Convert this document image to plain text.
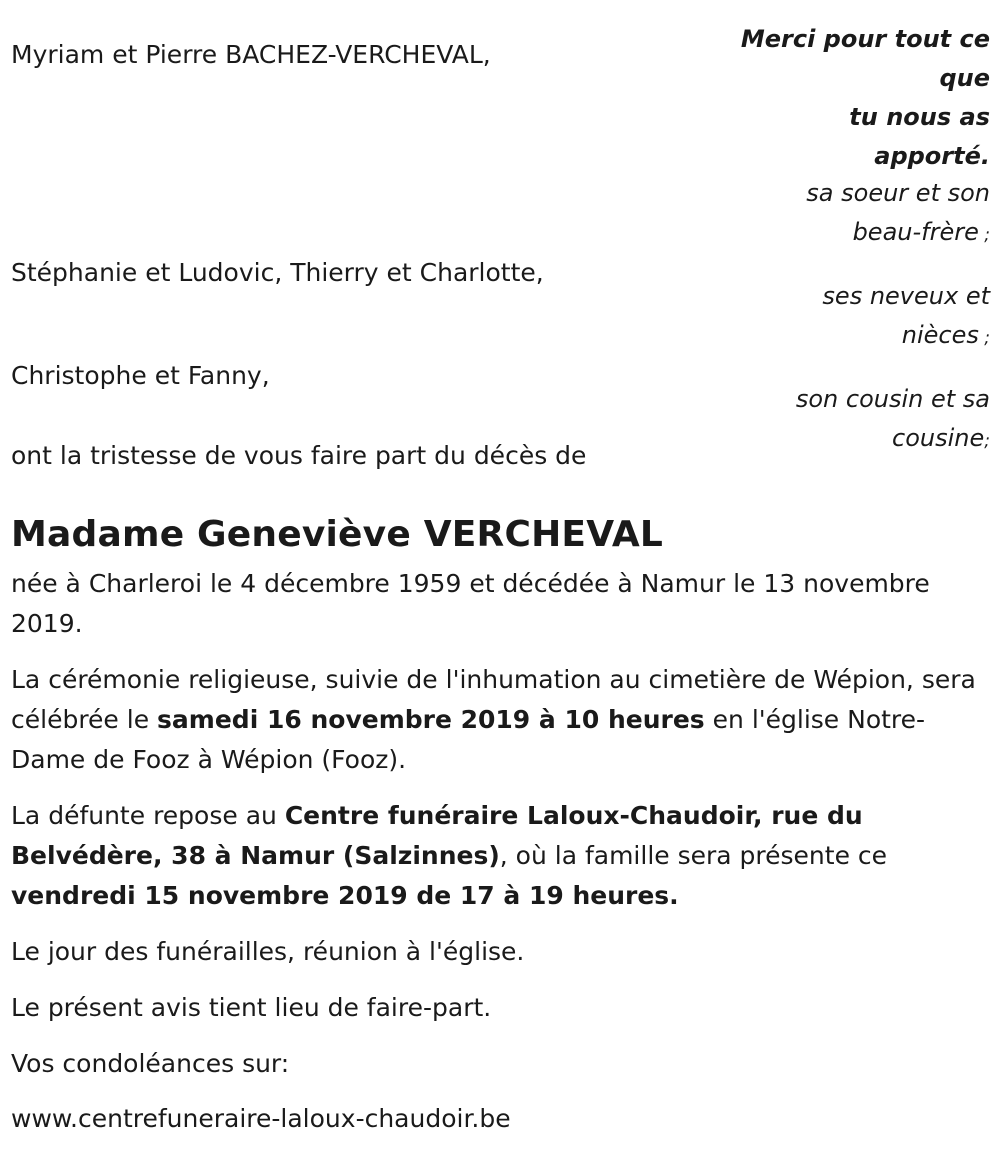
Myriam et Pierre BACHEZ-VERCHEVAL,
Stéphanie et Ludovic, Thierry et Charlotte,
Christophe et Fanny,
ont la tristesse de vous faire part du décès de
Merci pour tout ce
que
tu nous as
apporté.
sa soeur et son
beau-frère ;
ses neveux et
nièces ;
son cousin et sa
cousine;
Madame Geneviève VERCHEVAL

née à Charleroi le 4 décembre 1959 et décédée à Namur le 13 novembre 2019.

La cérémonie religieuse, suivie de l'inhumation au cimetière de Wépion, sera célébrée le samedi 16 novembre 2019 à 10 heures en l'église Notre-Dame de Fooz à Wépion (Fooz).

La défunte repose au Centre funéraire Laloux-Chaudoir, rue du Belvédère, 38 à Namur (Salzinnes), où la famille sera présente ce vendredi 15 novembre 2019 de 17 à 19 heures.

Le jour des funérailles, réunion à l'église.

Le présent avis tient lieu de faire-part.

Vos condoléances sur:

www.centrefuneraire-laloux-chaudoir.be
